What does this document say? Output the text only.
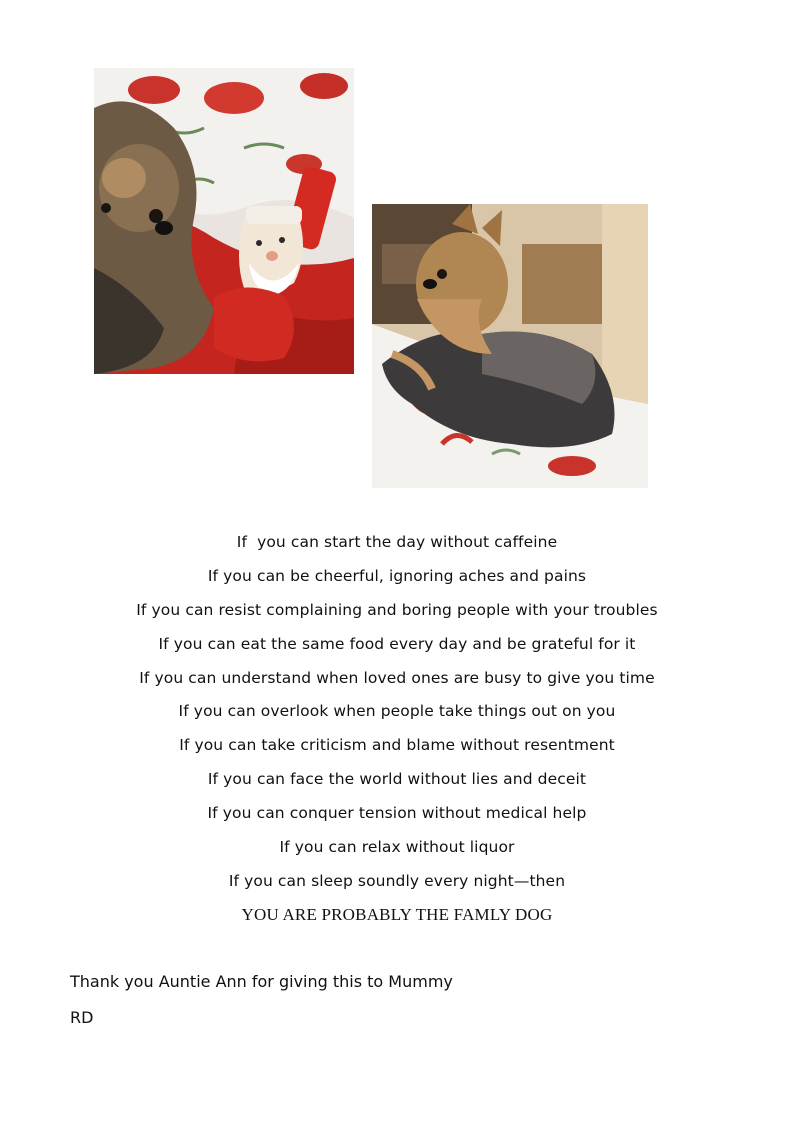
If  you can start the day without caffeine
If you can be cheerful, ignoring aches and pains
If you can resist complaining and boring people with your troubles
If you can eat the same food every day and be grateful for it
If you can understand when loved ones are busy to give you time
If you can overlook when people take things out on you
If you can take criticism and blame without resentment
If you can face the world without lies and deceit
If you can conquer tension without medical help
If you can relax without liquor
If you can sleep soundly every night—then
YOU ARE PROBABLY THE FAMLY DOG
Thank you Auntie Ann for giving this to Mummy
RD
